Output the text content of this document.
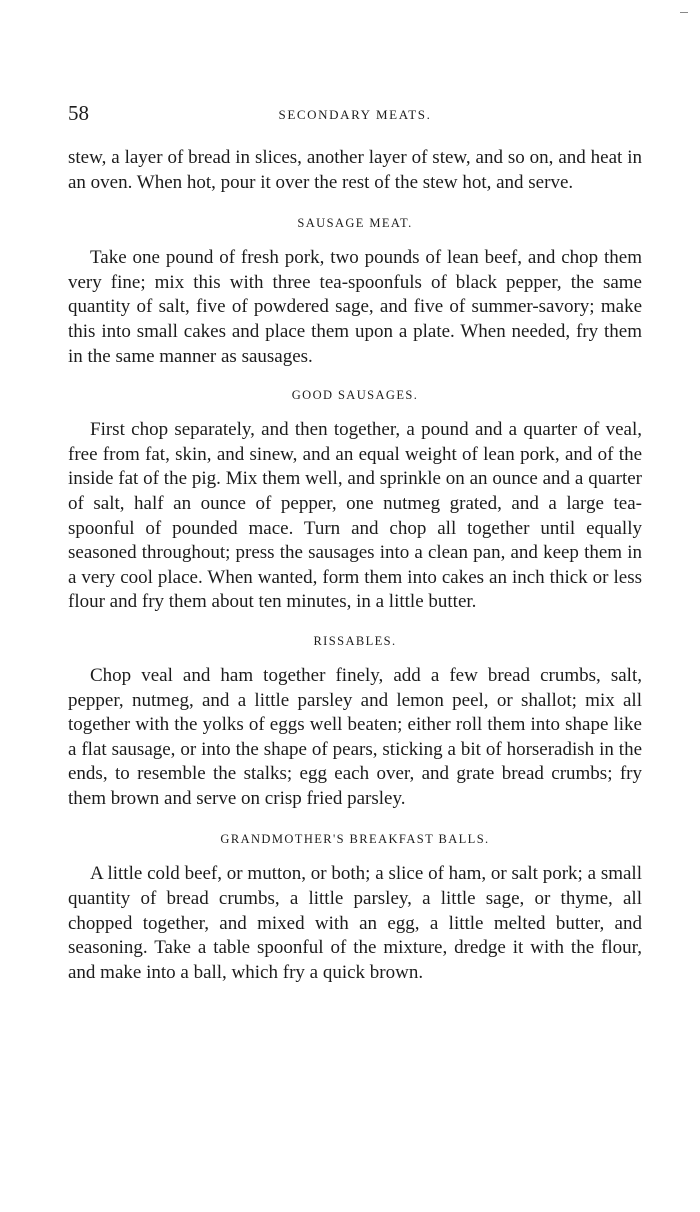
58	SECONDARY MEATS.

stew, a layer of bread in slices, another layer of stew, and so on, and heat in an oven. When hot, pour it over the rest of the stew hot, and serve.

SAUSAGE MEAT.

Take one pound of fresh pork, two pounds of lean beef, and chop them very fine; mix this with three tea-spoonfuls of black pepper, the same quantity of salt, five of powdered sage, and five of summer-savory; make this into small cakes and place them upon a plate. When needed, fry them in the same manner as sausages.

GOOD SAUSAGES.

First chop separately, and then together, a pound and a quarter of veal, free from fat, skin, and sinew, and an equal weight of lean pork, and of the inside fat of the pig. Mix them well, and sprinkle on an ounce and a quarter of salt, half an ounce of pepper, one nutmeg grated, and a large tea-spoonful of pounded mace. Turn and chop all together until equally seasoned throughout; press the sausages into a clean pan, and keep them in a very cool place. When wanted, form them into cakes an inch thick or less flour and fry them about ten minutes, in a little butter.

RISSABLES.

Chop veal and ham together finely, add a few bread crumbs, salt, pepper, nutmeg, and a little parsley and lemon peel, or shallot; mix all together with the yolks of eggs well beaten; either roll them into shape like a flat sausage, or into the shape of pears, sticking a bit of horseradish in the ends, to resemble the stalks; egg each over, and grate bread crumbs; fry them brown and serve on crisp fried parsley.

GRANDMOTHER'S BREAKFAST BALLS.

A little cold beef, or mutton, or both; a slice of ham, or salt pork; a small quantity of bread crumbs, a little parsley, a little sage, or thyme, all chopped together, and mixed with an egg, a little melted butter, and seasoning. Take a table spoonful of the mixture, dredge it with the flour, and make into a ball, which fry a quick brown.
